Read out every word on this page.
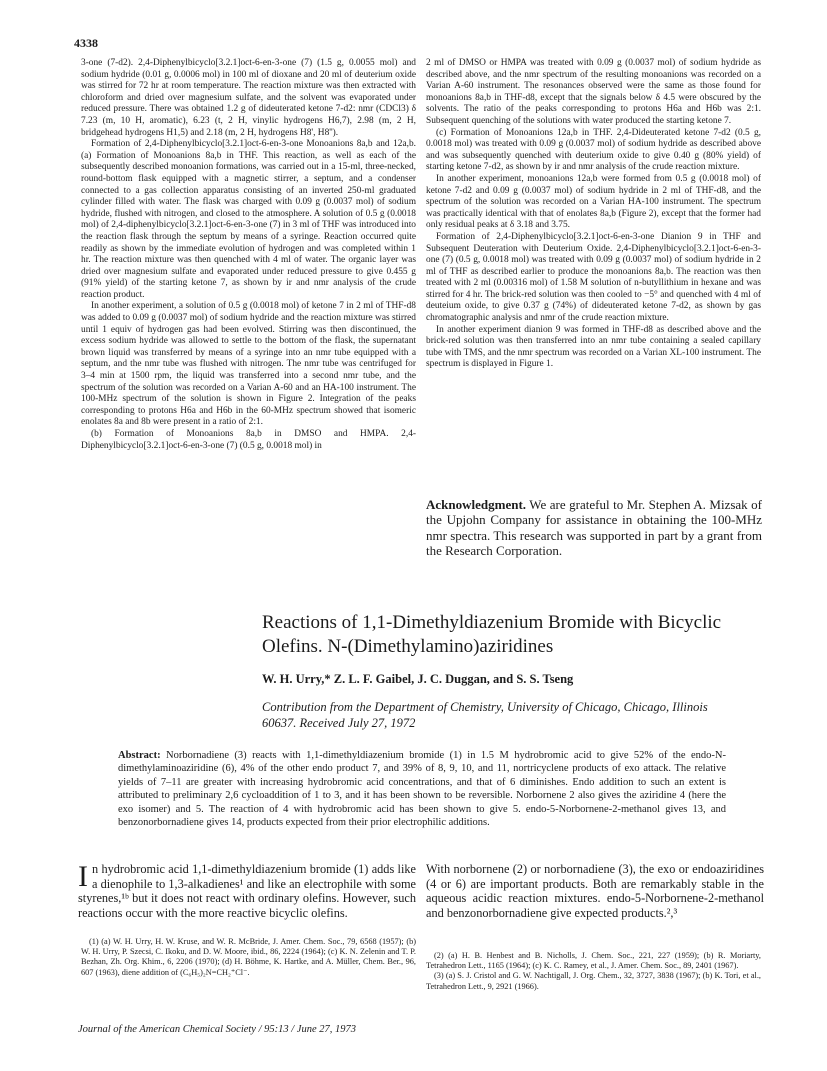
4338

3-one (7-d2). 2,4-Diphenylbicyclo[3.2.1]oct-6-en-3-one (7) (1.5 g, 0.0055 mol) and sodium hydride (0.01 g, 0.0006 mol) in 100 ml of dioxane and 20 ml of deuterium oxide was stirred for 72 hr at room temperature. The reaction mixture was then extracted with chloroform and dried over magnesium sulfate, and the solvent was evaporated under reduced pressure. There was obtained 1.2 g of dideuterated ketone 7-d2: nmr (CDCl3) δ 7.23 (m, 10 H, aromatic), 6.23 (t, 2 H, vinylic hydrogens H6,7), 2.98 (m, 2 H, bridgehead hydrogens H1,5) and 2.18 (m, 2 H, hydrogens H8', H8'').

Formation of 2,4-Diphenylbicyclo[3.2.1]oct-6-en-3-one Monoanions 8a,b and 12a,b. (a) Formation of Monoanions 8a,b in THF. This reaction, as well as each of the subsequently described monoanion formations, was carried out in a 15-ml, three-necked, round-bottom flask equipped with a magnetic stirrer, a septum, and a condenser connected to a gas collection apparatus consisting of an inverted 250-ml graduated cylinder filled with water. The flask was charged with 0.09 g (0.0037 mol) of sodium hydride, flushed with nitrogen, and closed to the atmosphere. A solution of 0.5 g (0.0018 mol) of 2,4-diphenylbicyclo[3.2.1]oct-6-en-3-one (7) in 3 ml of THF was introduced into the reaction flask through the septum by means of a syringe. Reaction occurred quite readily as shown by the immediate evolution of hydrogen and was completed within 1 hr. The reaction mixture was then quenched with 4 ml of water. The organic layer was dried over magnesium sulfate and evaporated under reduced pressure to give 0.455 g (91% yield) of the starting ketone 7, as shown by ir and nmr analysis of the crude reaction product.

In another experiment, a solution of 0.5 g (0.0018 mol) of ketone 7 in 2 ml of THF-d8 was added to 0.09 g (0.0037 mol) of sodium hydride and the reaction mixture was stirred until 1 equiv of hydrogen gas had been evolved. Stirring was then discontinued, the excess sodium hydride was allowed to settle to the bottom of the flask, the supernatant brown liquid was transferred by means of a syringe into an nmr tube equipped with a septum, and the nmr tube was flushed with nitrogen. The nmr tube was centrifuged for 3–4 min at 1500 rpm, the liquid was transferred into a second nmr tube, and the spectrum of the solution was recorded on a Varian A-60 and an HA-100 instrument. The 100-MHz spectrum of the solution is shown in Figure 2. Integration of the peaks corresponding to protons H6a and H6b in the 60-MHz spectrum showed that isomeric enolates 8a and 8b were present in a ratio of 2:1.

(b) Formation of Monoanions 8a,b in DMSO and HMPA. 2,4-Diphenylbicyclo[3.2.1]oct-6-en-3-one (7) (0.5 g, 0.0018 mol) in

2 ml of DMSO or HMPA was treated with 0.09 g (0.0037 mol) of sodium hydride as described above, and the nmr spectrum of the resulting monoanions was recorded on a Varian A-60 instrument. The resonances observed were the same as those found for monoanions 8a,b in THF-d8, except that the signals below δ 4.5 were obscured by the solvents. The ratio of the peaks corresponding to protons H6a and H6b was 2:1. Subsequent quenching of the solutions with water produced the starting ketone 7.

(c) Formation of Monoanions 12a,b in THF. 2,4-Dideuterated ketone 7-d2 (0.5 g, 0.0018 mol) was treated with 0.09 g (0.0037 mol) of sodium hydride as described above and was subsequently quenched with deuterium oxide to give 0.40 g (80% yield) of starting ketone 7-d2, as shown by ir and nmr analysis of the crude reaction mixture.

In another experiment, monoanions 12a,b were formed from 0.5 g (0.0018 mol) of ketone 7-d2 and 0.09 g (0.0037 mol) of sodium hydride in 2 ml of THF-d8, and the spectrum of the solution was recorded on a Varian HA-100 instrument. The spectrum was practically identical with that of enolates 8a,b (Figure 2), except that the former had only residual peaks at δ 3.18 and 3.75.

Formation of 2,4-Diphenylbicyclo[3.2.1]oct-6-en-3-one Dianion 9 in THF and Subsequent Deuteration with Deuterium Oxide. 2,4-Diphenylbicyclo[3.2.1]oct-6-en-3-one (7) (0.5 g, 0.0018 mol) was treated with 0.09 g (0.0037 mol) of sodium hydride in 2 ml of THF as described earlier to produce the monoanions 8a,b. The reaction was then treated with 2 ml (0.00316 mol) of 1.58 M solution of n-butyllithium in hexane and was stirred for 4 hr. The brick-red solution was then cooled to −5° and quenched with 4 ml of deuteium oxide, to give 0.37 g (74%) of dideuterated ketone 7-d2, as shown by gas chromatographic analysis and nmr of the crude reaction mixture.

In another experiment dianion 9 was formed in THF-d8 as described above and the brick-red solution was then transferred into an nmr tube containing a sealed capillary tube with TMS, and the nmr spectrum was recorded on a Varian XL-100 instrument. The spectrum is displayed in Figure 1.

Acknowledgment. We are grateful to Mr. Stephen A. Mizsak of the Upjohn Company for assistance in obtaining the 100-MHz nmr spectra. This research was supported in part by a grant from the Research Corporation.
Reactions of 1,1-Dimethyldiazenium Bromide with Bicyclic Olefins. N-(Dimethylamino)aziridines
W. H. Urry,* Z. L. F. Gaibel, J. C. Duggan, and S. S. Tseng
Contribution from the Department of Chemistry, University of Chicago, Chicago, Illinois 60637. Received July 27, 1972
Abstract: Norbornadiene (3) reacts with 1,1-dimethyldiazenium bromide (1) in 1.5 M hydrobromic acid to give 52% of the endo-N-dimethylaminoaziridine (6), 4% of the other endo product 7, and 39% of 8, 9, 10, and 11, nortricyclene products of exo attack. The relative yields of 7–11 are greater with increasing hydrobromic acid concentrations, and that of 6 diminishes. Endo addition to such an extent is attributed to preliminary 2,6 cycloaddition of 1 to 3, and it has been shown to be reversible. Norbornene 2 also gives the aziridine 4 (here the exo isomer) and 5. The reaction of 4 with hydrobromic acid has been shown to give 5. endo-5-Norbornene-2-methanol gives 13, and benzonorbornadiene gives 14, products expected from their prior electrophilic additions.
I n hydrobromic acid 1,1-dimethyldiazenium bromide (1) adds like a dienophile to 1,3-alkadienes¹ and like an electrophile with some styrenes,¹ᵇ but it does not react with ordinary olefins. However, such reactions occur with the more reactive bicyclic olefins.
With norbornene (2) or norbornadiene (3), the exo or endoaziridines (4 or 6) are important products. Both are remarkably stable in the aqueous acidic reaction mixtures. endo-5-Norbornene-2-methanol and benzonorbornadiene give expected products.²,³

(1) (a) W. H. Urry, H. W. Kruse, and W. R. McBride, J. Amer. Chem. Soc., 79, 6568 (1957); (b) W. H. Urry, P. Szecsi, C. Ikoku, and D. W. Moore, ibid., 86, 2224 (1964); (c) K. N. Zelenin and T. P. Bezhan, Zh. Org. Khim., 6, 2206 (1970); (d) H. Böhme, K. Hartke, and A. Müller, Chem. Ber., 96, 607 (1963), diene addition of (C₆H₅)₂N=CH₂⁺Cl⁻.

(2) (a) H. B. Henbest and B. Nicholls, J. Chem. Soc., 221, 227 (1959); (b) R. Moriarty, Tetrahedron Lett., 1165 (1964); (c) K. C. Ramey, et al., J. Amer. Chem. Soc., 89, 2401 (1967).

(3) (a) S. J. Cristol and G. W. Nachtigall, J. Org. Chem., 32, 3727, 3838 (1967); (b) K. Tori, et al., Tetrahedron Lett., 9, 2921 (1966).

Journal of the American Chemical Society / 95:13 / June 27, 1973
